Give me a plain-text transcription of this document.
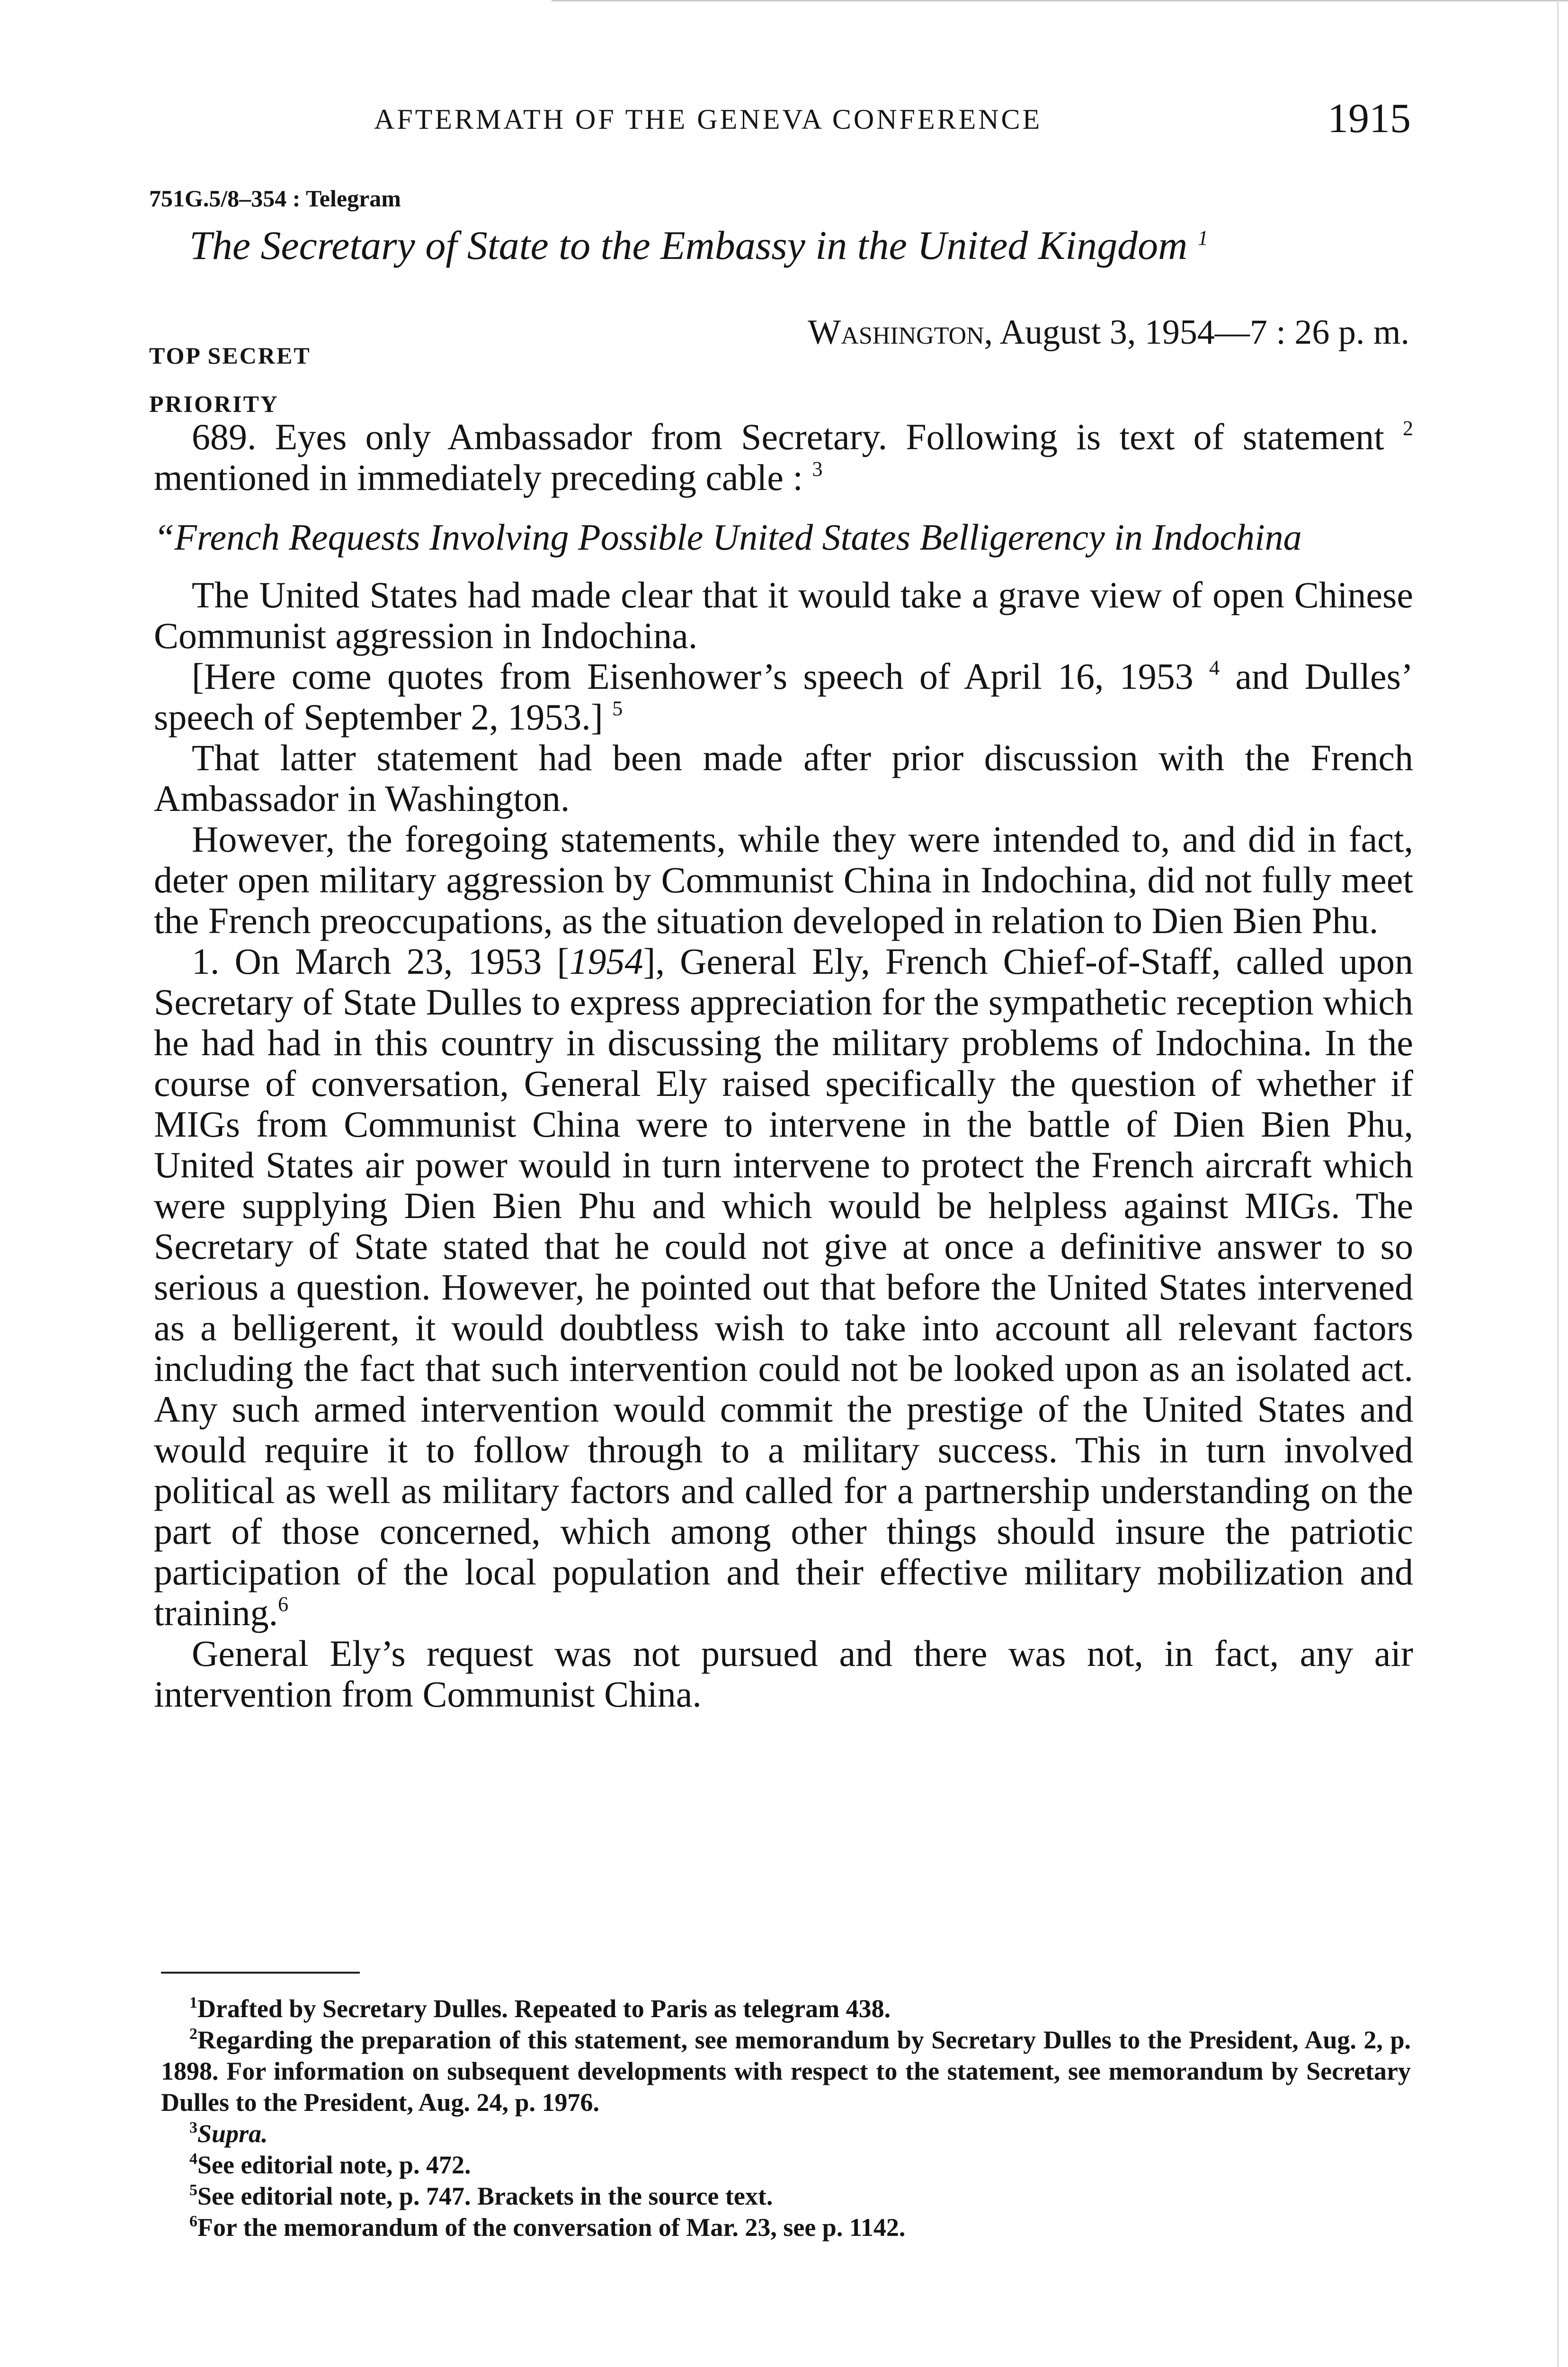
AFTERMATH OF THE GENEVA CONFERENCE	1915
751G.5/8–354 : Telegram
The Secretary of State to the Embassy in the United Kingdom $^1$
TOP SECRET
PRIORITY
Washington, August 3, 1954—7 : 26 p. m.

689. Eyes only Ambassador from Secretary. Following is text of statement $^2$ mentioned in immediately preceding cable : $^3$

“French Requests Involving Possible United States Belligerency in Indochina

The United States had made clear that it would take a grave view of open Chinese Communist aggression in Indochina.

[Here come quotes from Eisenhower’s speech of April 16, 1953 $^4$ and Dulles’ speech of September 2, 1953.] $^5$

That latter statement had been made after prior discussion with the French Ambassador in Washington.

However, the foregoing statements, while they were intended to, and did in fact, deter open military aggression by Communist China in Indochina, did not fully meet the French preoccupations, as the situation developed in relation to Dien Bien Phu.

1. On March 23, 1953 [1954], General Ely, French Chief-of-Staff, called upon Secretary of State Dulles to express appreciation for the sympathetic reception which he had had in this country in discussing the military problems of Indochina. In the course of conversation, General Ely raised specifically the question of whether if MIGs from Communist China were to intervene in the battle of Dien Bien Phu, United States air power would in turn intervene to protect the French aircraft which were supplying Dien Bien Phu and which would be helpless against MIGs. The Secretary of State stated that he could not give at once a definitive answer to so serious a question. However, he pointed out that before the United States intervened as a belligerent, it would doubtless wish to take into account all relevant factors including the fact that such intervention could not be looked upon as an isolated act. Any such armed intervention would commit the prestige of the United States and would require it to follow through to a military success. This in turn involved political as well as military factors and called for a partnership understanding on the part of those concerned, which among other things should insure the patriotic participation of the local population and their effective military mobilization and training.$^6$

General Ely’s request was not pursued and there was not, in fact, any air intervention from Communist China.

$^1$Drafted by Secretary Dulles. Repeated to Paris as telegram 438.

$^2$Regarding the preparation of this statement, see memorandum by Secretary Dulles to the President, Aug. 2, p. 1898. For information on subsequent developments with respect to the statement, see memorandum by Secretary Dulles to the President, Aug. 24, p. 1976.

$^3$Supra.

$^4$See editorial note, p. 472.

$^5$See editorial note, p. 747. Brackets in the source text.

$^6$For the memorandum of the conversation of Mar. 23, see p. 1142.
